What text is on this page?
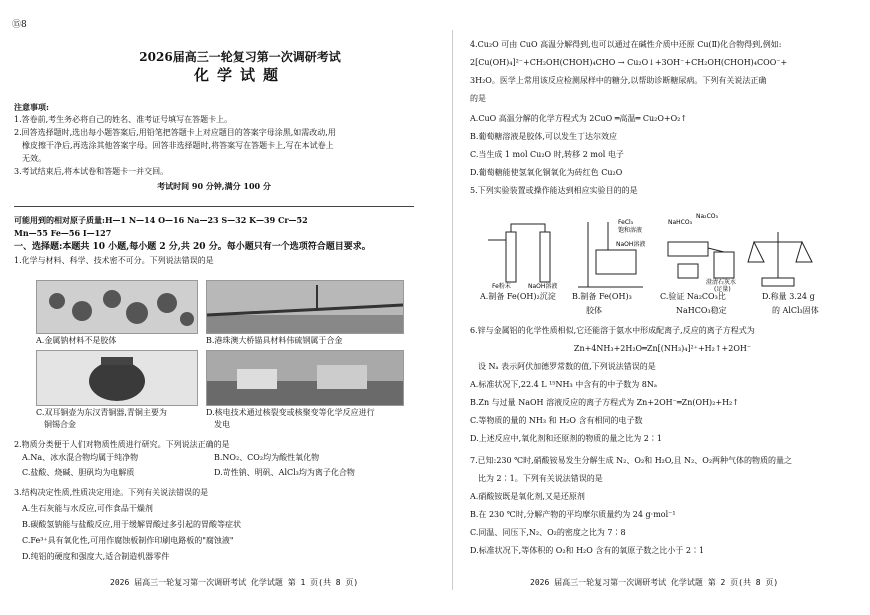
⑮8
2026届高三一轮复习第一次调研考试
化学试题
注意事项:
1.答卷前,考生务必将自己的姓名、准考证号填写在答题卡上。
2.回答选择题时,选出每小题答案后,用铅笔把答题卡上对应题目的答案字母涂黑,如需改动,用
橡皮擦干净后,再选涂其他答案字母。回答非选择题时,将答案写在答题卡上,写在本试卷上
无效。
3.考试结束后,将本试卷和答题卡一并交回。
考试时间 90 分钟,满分 100 分
可能用到的相对原子质量:H—1 N—14 O—16 Na—23 S—32 K—39 Cr—52
Mn—55 Fe—56 I—127
一、选择题:本题共 10 小题,每小题 2 分,共 20 分。每小题只有一个选项符合题目要求。
1.化学与材料、科学、技术密不可分。下列说法错误的是
A.金属钠材料不是胶体	B.港珠澳大桥锚具材料伟硫钢属于合金
C.双耳铜壶为东汉青铜器,青铜主要为	D.核电技术通过核裂变或核聚变等化学反应进行
铜锡合金	发电
2.物质分类便于人们对物质性质进行研究。下列说法正确的是
A.Na、冰水混合物均属于纯净物	B.NO₂、CO₂均为酸性氧化物
C.盐酸、烧碱、胆矾均为电解质	D.苛性钠、明矾、AlCl₃均为离子化合物
3.结构决定性质,性质决定用途。下列有关说法错误的是
A.生石灰能与水反应,可作食品干燥剂
B.碳酸氢钠能与盐酸反应,用于缓解胃酸过多引起的胃酸等症状
C.Fe³⁺具有氧化性,可用作腐蚀板制作印刷电路板的"腐蚀液"
D.纯铝的硬度和强度大,适合制造机器零件
2026 届高三一轮复习第一次调研考试 化学试题 第 1 页(共 8 页)
4.Cu₂O 可由 CuO 高温分解得到,也可以通过在碱性介质中还原 Cu(Ⅱ)化合物得到,例如:
2[Cu(OH)₄]²⁻+CH₂OH(CHOH)₄CHO → Cu₂O↓+3OH⁻+CH₂OH(CHOH)₄COO⁻+
3H₂O。医学上常用该反应检测尿样中的糖分,以帮助诊断糖尿病。下列有关说法正确
的是
A.CuO 高温分解的化学方程式为 2CuO ═高温═ Cu₂O+O₂↑
B.葡萄糖溶液是胶体,可以发生丁达尔效应
C.当生成 1 mol Cu₂O 时,转移 2 mol 电子
D.葡萄糖能使氢氧化铜氧化为砖红色 Cu₂O
5.下列实验装置或操作能达到相应实验目的的是
FeCl₃
饱和溶液
NaOH溶液
Fe粉末	NaOH溶液
NaHCO₃
Na₂CO₃
澄清石灰水
(足量)
A.制备 Fe(OH)₂沉淀 B.制备 Fe(OH)₃	C.验证 Na₂CO₃比	D.称量 3.24 g
胶体	NaHCO₃稳定	的 AlCl₃固体
6.锌与金属铝的化学性质相似,它还能溶于氨水中形成配离子,反应的离子方程式为
Zn+4NH₃+2H₂O═Zn[(NH₃)₄]²⁺+H₂↑+2OH⁻
设 Nₐ 表示阿伏加德罗常数的值,下列说法错误的是
A.标准状况下,22.4 L ¹⁵NH₃ 中含有的中子数为 8Nₐ
B.Zn 与过量 NaOH 溶液反应的离子方程式为 Zn+2OH⁻═Zn(OH)₂+H₂↑
C.等物质的量的 NH₃ 和 H₂O 含有相同的电子数
D.上述反应中,氧化剂和还原剂的物质的量之比为 2∶1
7.已知:230 ℃时,硝酸铵易发生分解生成 N₂、O₂和 H₂O,且 N₂、O₂两种气体的物质的量之
比为 2∶1。下列有关说法错误的是
A.硝酸铵既是氧化剂,又是还原剂
B.在 230 ℃时,分解产物的平均摩尔质量约为 24 g·mol⁻¹
C.同温、同压下,N₂、O₂的密度之比为 7∶8
D.标准状况下,等体积的 O₂和 H₂O 含有的氧原子数之比小于 2∶1
2026 届高三一轮复习第一次调研考试 化学试题 第 2 页(共 8 页)
